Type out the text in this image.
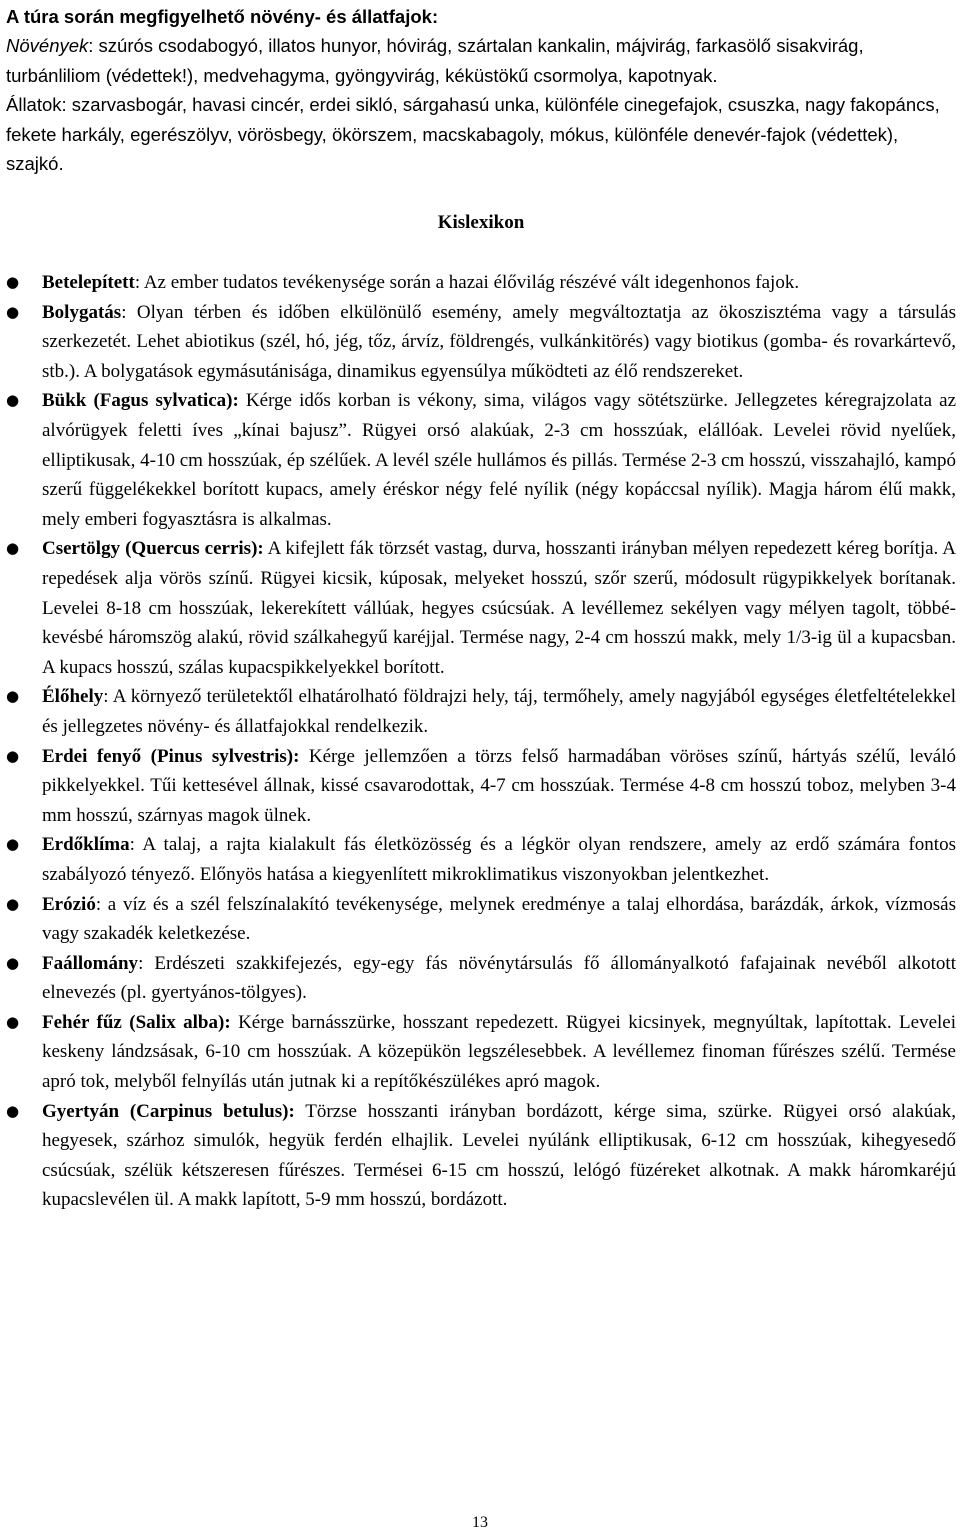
A túra során megfigyelhető növény- és állatfajok:

Növények: szúrós csodabogyó, illatos hunyor, hóvirág, szártalan kankalin, májvirág, farkasölő sisakvirág, turbánliliom (védettek!), medvehagyma, gyöngyvirág, kéküstökű csormolya, kapotnyak.

Állatok: szarvasbogár, havasi cincér, erdei sikló, sárgahasú unka, különféle cinegefajok, csuszka, nagy fakopáncs, fekete harkály, egerészölyv, vörösbegy, ökörszem, macskabagoly, mókus, különféle denevér-fajok (védettek), szajkó.

Kislexikon
● Betelepített: Az ember tudatos tevékenysége során a hazai élővilág részévé vált idegenhonos fajok.
● Bolygatás: Olyan térben és időben elkülönülő esemény, amely megváltoztatja az ökoszisztéma vagy a társulás szerkezetét. Lehet abiotikus (szél, hó, jég, tőz, árvíz, földrengés, vulkánkitörés) vagy biotikus (gomba- és rovarkártevő, stb.). A bolygatások egymásutánisága, dinamikus egyensúlya működteti az élő rendszereket.
● Bükk (Fagus sylvatica): Kérge idős korban is vékony, sima, világos vagy sötétszürke. Jellegzetes kéregrajzolata az alvórügyek feletti íves „kínai bajusz”. Rügyei orsó alakúak, 2-3 cm hosszúak, elállóak. Levelei rövid nyelűek, elliptikusak, 4-10 cm hosszúak, ép szélűek. A levél széle hullámos és pillás. Termése 2-3 cm hosszú, visszahajló, kampó szerű függelékekkel borított kupacs, amely éréskor négy felé nyílik (négy kopáccsal nyílik). Magja három élű makk, mely emberi fogyasztásra is alkalmas.
● Csertölgy (Quercus cerris): A kifejlett fák törzsét vastag, durva, hosszanti irányban mélyen repedezett kéreg borítja. A repedések alja vörös színű. Rügyei kicsik, kúposak, melyeket hosszú, szőr szerű, módosult rügypikkelyek borítanak. Levelei 8-18 cm hosszúak, lekerekített vállúak, hegyes csúcsúak. A levéllemez sekélyen vagy mélyen tagolt, többé-kevésbé háromszög alakú, rövid szálkahegyű karéjjal. Termése nagy, 2-4 cm hosszú makk, mely 1/3-ig ül a kupacsban. A kupacs hosszú, szálas kupacspikkelyekkel borított.
● Élőhely: A környező területektől elhatárolható földrajzi hely, táj, termőhely, amely nagyjából egységes életfeltételekkel és jellegzetes növény- és állatfajokkal rendelkezik.
● Erdei fenyő (Pinus sylvestris): Kérge jellemzően a törzs felső harmadában vöröses színű, hártyás szélű, leváló pikkelyekkel. Tűi kettesével állnak, kissé csavarodottak, 4-7 cm hosszúak. Termése 4-8 cm hosszú toboz, melyben 3-4 mm hosszú, szárnyas magok ülnek.
● Erdőklíma: A talaj, a rajta kialakult fás életközösség és a légkör olyan rendszere, amely az erdő számára fontos szabályozó tényező. Előnyös hatása a kiegyenlített mikroklimatikus viszonyokban jelentkezhet.
● Erózió: a víz és a szél felszínalakító tevékenysége, melynek eredménye a talaj elhordása, barázdák, árkok, vízmosás vagy szakadék keletkezése.
● Faállomány: Erdészeti szakkifejezés, egy-egy fás növénytársulás fő állományalkotó fafajainak nevéből alkotott elnevezés (pl. gyertyános-tölgyes).
● Fehér fűz (Salix alba): Kérge barnásszürke, hosszant repedezett. Rügyei kicsinyek, megnyúltak, lapítottak. Levelei keskeny lándzsásak, 6-10 cm hosszúak. A közepükön legszélesebbek. A levéllemez finoman fűrészes szélű. Termése apró tok, melyből felnyílás után jutnak ki a repítőkészülékes apró magok.
● Gyertyán (Carpinus betulus): Törzse hosszanti irányban bordázott, kérge sima, szürke. Rügyei orsó alakúak, hegyesek, szárhoz simulók, hegyük ferdén elhajlik. Levelei nyúlánk elliptikusak, 6-12 cm hosszúak, kihegyesedő csúcsúak, szélük kétszeresen fűrészes. Termései 6-15 cm hosszú, lelógó füzéreket alkotnak. A makk háromkaréjú kupacslevélen ül. A makk lapított, 5-9 mm hosszú, bordázott.
13
